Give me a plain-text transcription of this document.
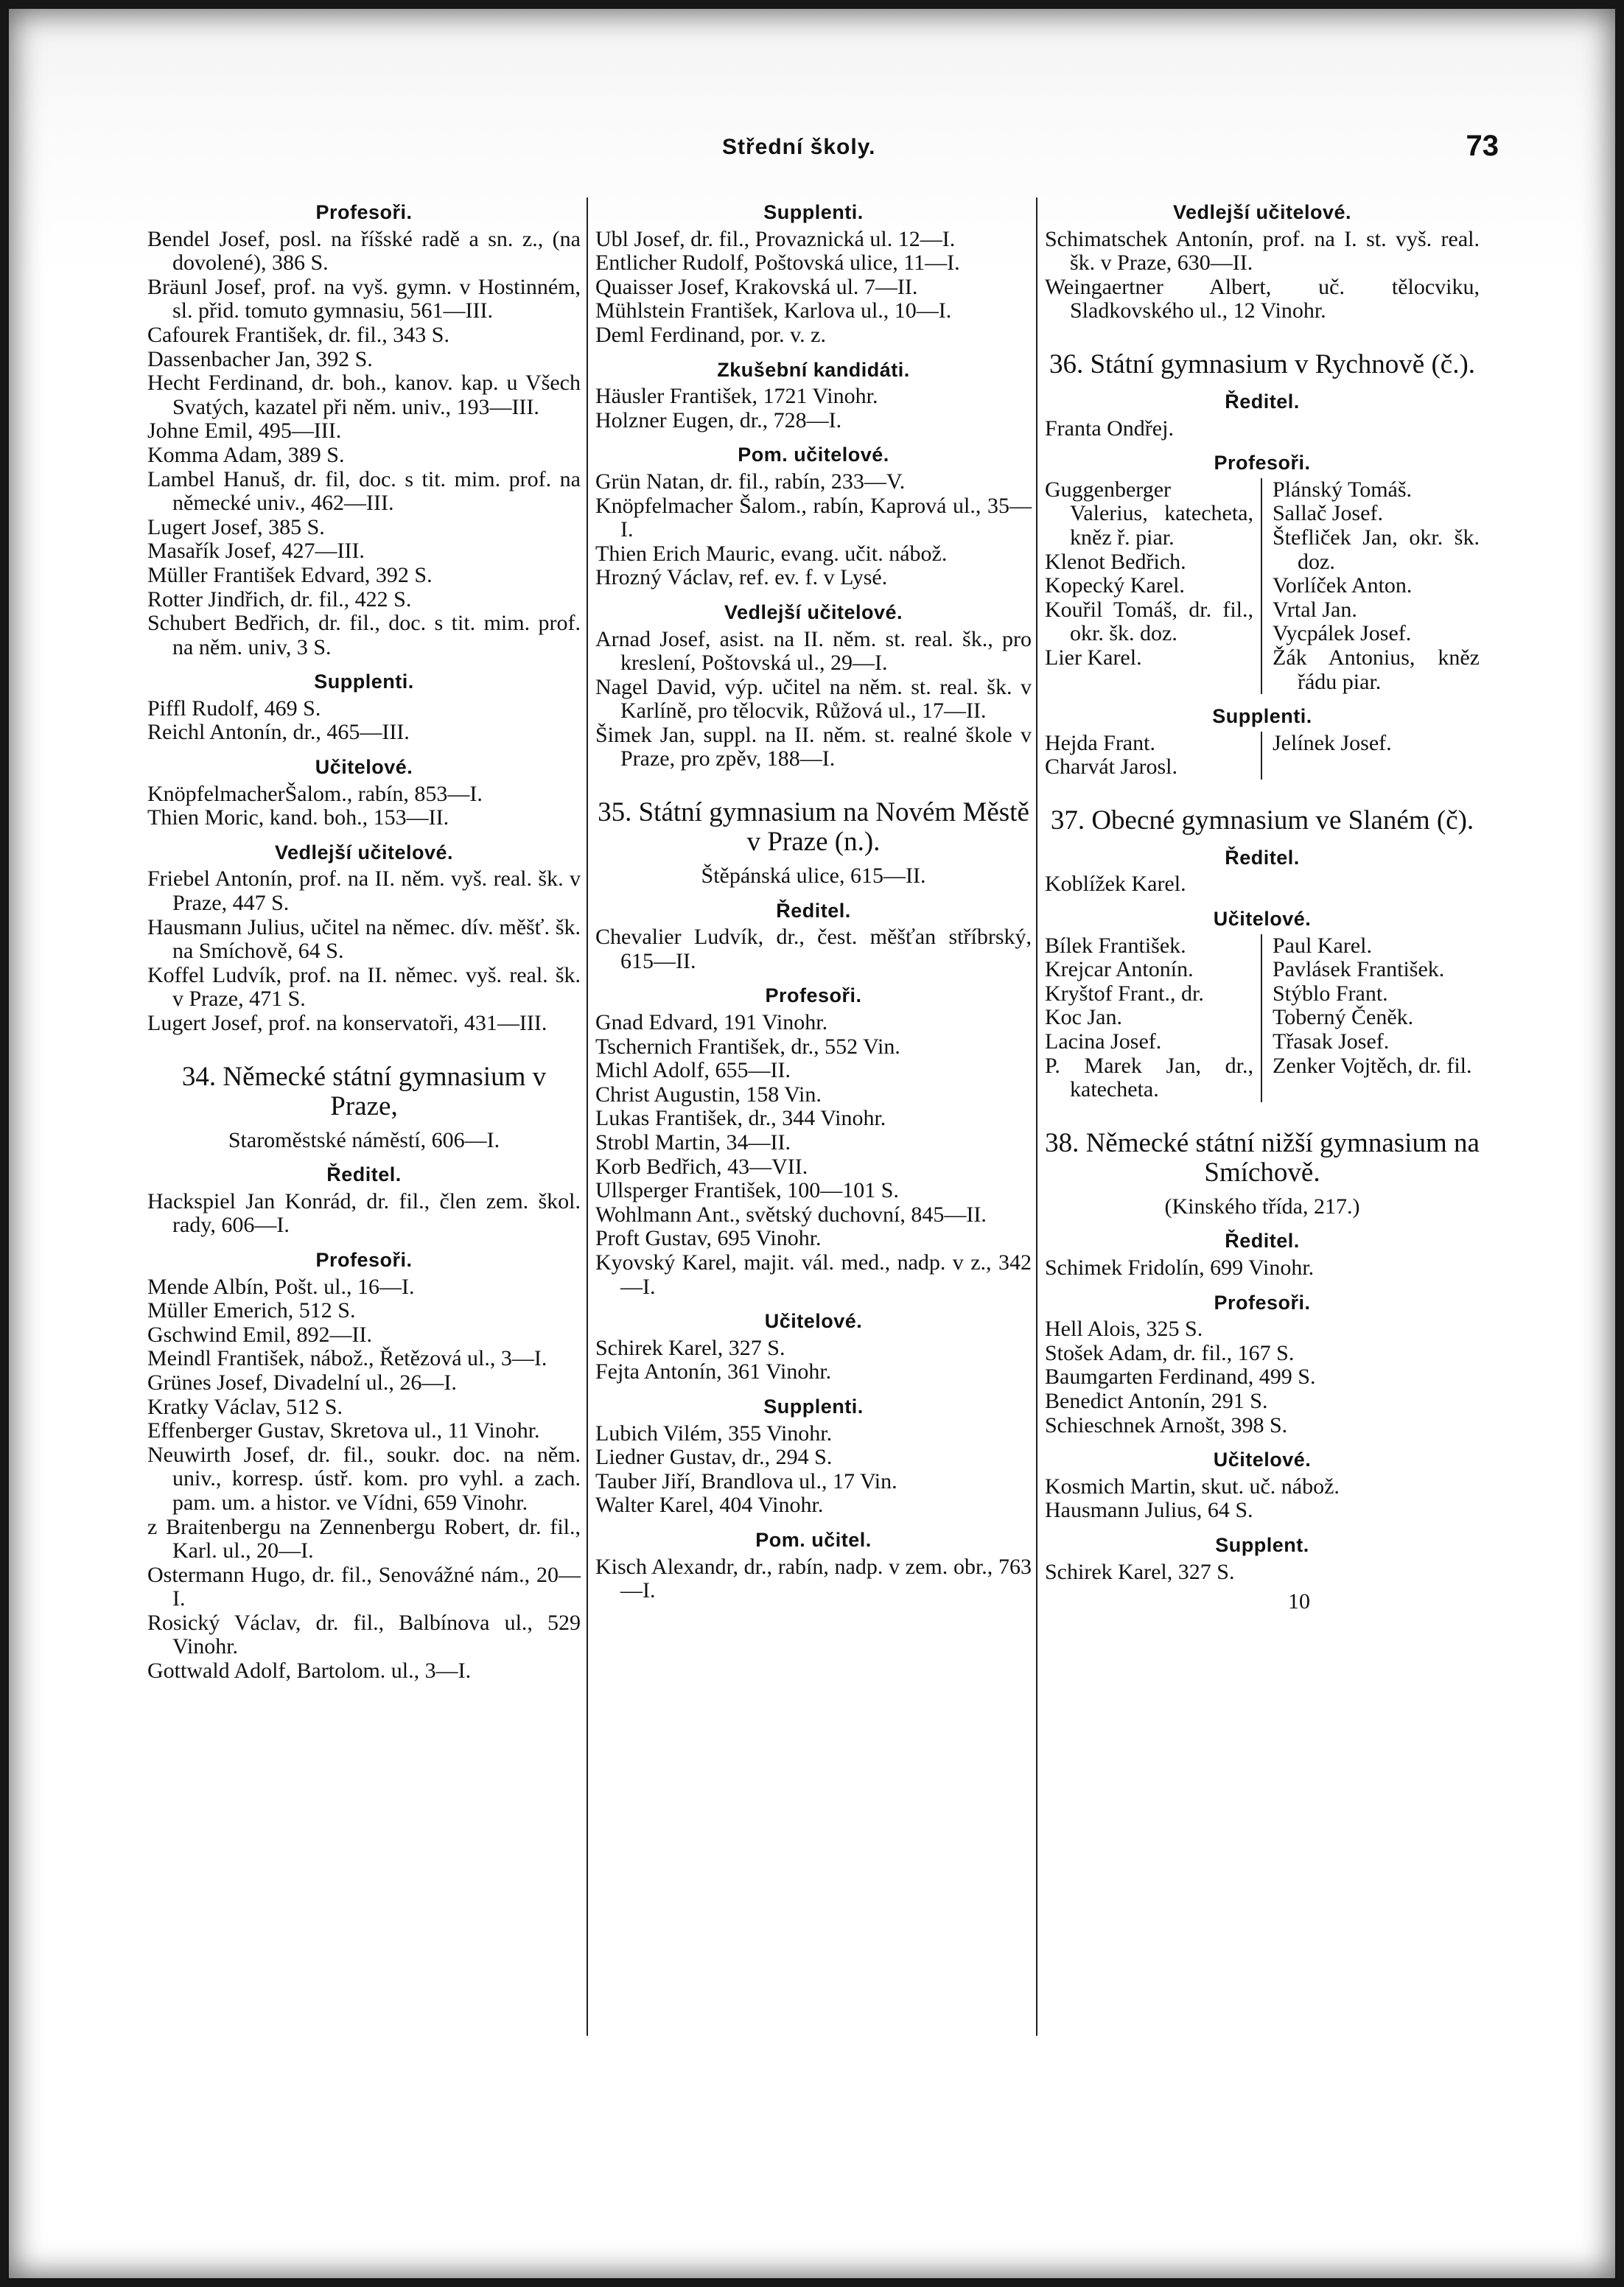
Střední školy.	73
Profesoři.
Bendel Josef, posl. na říšské radě a sn. z., (na dovolené), 386 S.
Bräunl Josef, prof. na vyš. gymn. v Hostinném, sl. přid. tomuto gymnasiu, 561—III.
Cafourek František, dr. fil., 343 S.
Dassenbacher Jan, 392 S.
Hecht Ferdinand, dr. boh., kanov. kap. u Všech Svatých, kazatel při něm. univ., 193—III.
Johne Emil, 495—III.
Komma Adam, 389 S.
Lambel Hanuš, dr. fil, doc. s tit. mim. prof. na německé univ., 462—III.
Lugert Josef, 385 S.
Masařík Josef, 427—III.
Müller František Edvard, 392 S.
Rotter Jindřich, dr. fil., 422 S.
Schubert Bedřich, dr. fil., doc. s tit. mim. prof. na něm. univ, 3 S.
Supplenti.
Piffl Rudolf, 469 S.
Reichl Antonín, dr., 465—III.
Učitelové.
KnöpfelmacherŠalom., rabín, 853—I.
Thien Moric, kand. boh., 153—II.
Vedlejší učitelové.
Friebel Antonín, prof. na II. něm. vyš. real. šk. v Praze, 447 S.
Hausmann Julius, učitel na němec. dív. měšť. šk. na Smíchově, 64 S.
Koffel Ludvík, prof. na II. němec. vyš. real. šk. v Praze, 471 S.
Lugert Josef, prof. na konservatoři, 431—III.
34. Německé státní gymnasium v Praze,
Staroměstské náměstí, 606—I.
Ředitel.
Hackspiel Jan Konrád, dr. fil., člen zem. škol. rady, 606—I.
Profesoři.
Mende Albín, Pošt. ul., 16—I.
Müller Emerich, 512 S.
Gschwind Emil, 892—II.
Meindl František, nábož., Řetězová ul., 3—I.
Grünes Josef, Divadelní ul., 26—I.
Kratky Václav, 512 S.
Effenberger Gustav, Skretova ul., 11 Vinohr.
Neuwirth Josef, dr. fil., soukr. doc. na něm. univ., korresp. ústř. kom. pro vyhl. a zach. pam. um. a histor. ve Vídni, 659 Vinohr.
z Braitenbergu na Zennenbergu Robert, dr. fil., Karl. ul., 20—I.
Ostermann Hugo, dr. fil., Senovážné nám., 20—I.
Rosický Václav, dr. fil., Balbínova ul., 529 Vinohr.
Gottwald Adolf, Bartolom. ul., 3—I.
Supplenti.
Ubl Josef, dr. fil., Provaznická ul. 12—I.
Entlicher Rudolf, Poštovská ulice, 11—I.
Quaisser Josef, Krakovská ul. 7—II.
Mühlstein František, Karlova ul., 10—I.
Deml Ferdinand, por. v. z.
Zkušební kandidáti.
Häusler František, 1721 Vinohr.
Holzner Eugen, dr., 728—I.
Pom. učitelové.
Grün Natan, dr. fil., rabín, 233—V.
Knöpfelmacher Šalom., rabín, Kaprová ul., 35—I.
Thien Erich Mauric, evang. učit. nábož.
Hrozný Václav, ref. ev. f. v Lysé.
Vedlejší učitelové.
Arnad Josef, asist. na II. něm. st. real. šk., pro kreslení, Poštovská ul., 29—I.
Nagel David, výp. učitel na něm. st. real. šk. v Karlíně, pro tělocvik, Růžová ul., 17—II.
Šimek Jan, suppl. na II. něm. st. realné škole v Praze, pro zpěv, 188—I.
35. Státní gymnasium na Novém Městě v Praze (n.).
Štěpánská ulice, 615—II.
Ředitel.
Chevalier Ludvík, dr., čest. měšťan stříbrský, 615—II.
Profesoři.
Gnad Edvard, 191 Vinohr.
Tschernich František, dr., 552 Vin.
Michl Adolf, 655—II.
Christ Augustin, 158 Vin.
Lukas František, dr., 344 Vinohr.
Strobl Martin, 34—II.
Korb Bedřich, 43—VII.
Ullsperger František, 100—101 S.
Wohlmann Ant., světský duchovní, 845—II.
Proft Gustav, 695 Vinohr.
Kyovský Karel, majit. vál. med., nadp. v z., 342—I.
Učitelové.
Schirek Karel, 327 S.
Fejta Antonín, 361 Vinohr.
Supplenti.
Lubich Vilém, 355 Vinohr.
Liedner Gustav, dr., 294 S.
Tauber Jiří, Brandlova ul., 17 Vin.
Walter Karel, 404 Vinohr.
Pom. učitel.
Kisch Alexandr, dr., rabín, nadp. v zem. obr., 763—I.
Vedlejší učitelové.
Schimatschek Antonín, prof. na I. st. vyš. real. šk. v Praze, 630—II.
Weingaertner Albert, uč. tělocviku, Sladkovského ul., 12 Vinohr.
36. Státní gymnasium v Rychnově (č.).
Ředitel.
Franta Ondřej.
Profesoři.
Guggenberger Valerius, katecheta, kněz ř. piar.
Klenot Bedřich.
Kopecký Karel.
Kouřil Tomáš, dr. fil., okr. šk. doz.
Lier Karel.
Plánský Tomáš.
Sallač Josef.
Štefliček Jan, okr. šk. doz.
Vorlíček Anton.
Vrtal Jan.
Vycpálek Josef.
Žák Antonius, kněz řádu piar.
Supplenti.
Hejda Frant.
Charvát Jarosl.
Jelínek Josef.
37. Obecné gymnasium ve Slaném (č).
Ředitel.
Koblížek Karel.
Učitelové.
Bílek František.
Krejcar Antonín.
Kryštof Frant., dr.
Koc Jan.
Lacina Josef.
P. Marek Jan, dr., katecheta.
Paul Karel.
Pavlásek František.
Stýblo Frant.
Toberný Čeněk.
Třasak Josef.
Zenker Vojtěch, dr. fil.
38. Německé státní nižší gymnasium na Smíchově.
(Kinského třída, 217.)
Ředitel.
Schimek Fridolín, 699 Vinohr.
Profesoři.
Hell Alois, 325 S.
Stošek Adam, dr. fil., 167 S.
Baumgarten Ferdinand, 499 S.
Benedict Antonín, 291 S.
Schieschnek Arnošt, 398 S.
Učitelové.
Kosmich Martin, skut. uč. nábož.
Hausmann Julius, 64 S.
Supplent.
Schirek Karel, 327 S.
10
